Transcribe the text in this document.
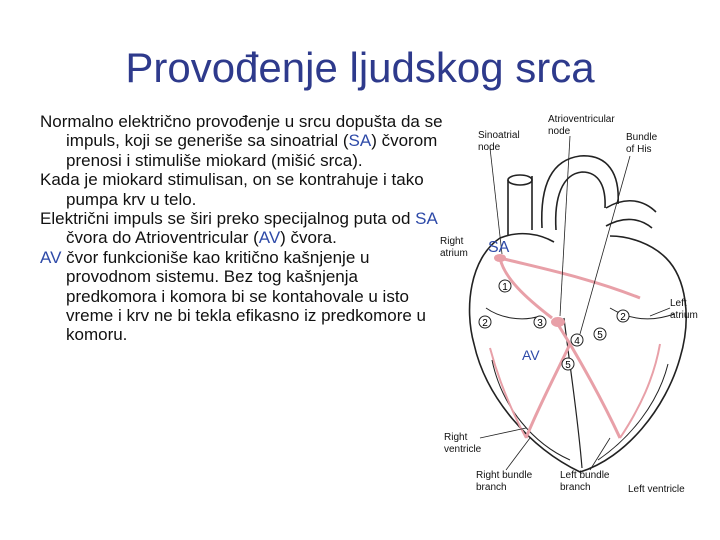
Provođenje ljudskog srca

Normalno električno provođenje u srcu dopušta da se impuls, koji se generiše sa sinoatrial (SA) čvorom prenosi i stimuliše miokard (mišić srca).

Kada je miokard stimulisan, on se kontrahuje i tako pumpa krv u telo.

Električni impuls se širi preko specijalnog puta od SA čvora do Atrioventricular (AV) čvora.

AV čvor funkcioniše kao kritično kašnjenje u provodnom sistemu. Bez tog kašnjenja predkomora i komora bi se kontahovale u isto vreme i krv ne bi tekla efikasno iz predkomore u komoru.

1
2
2
3
4
5
5
Sinoatrial
node
Atrioventricular
node
Bundle
of His
Right
atrium
Left
atrium
Right
ventricle
Right bundle
branch
Left bundle
branch	Left ventricle
SA
AV
